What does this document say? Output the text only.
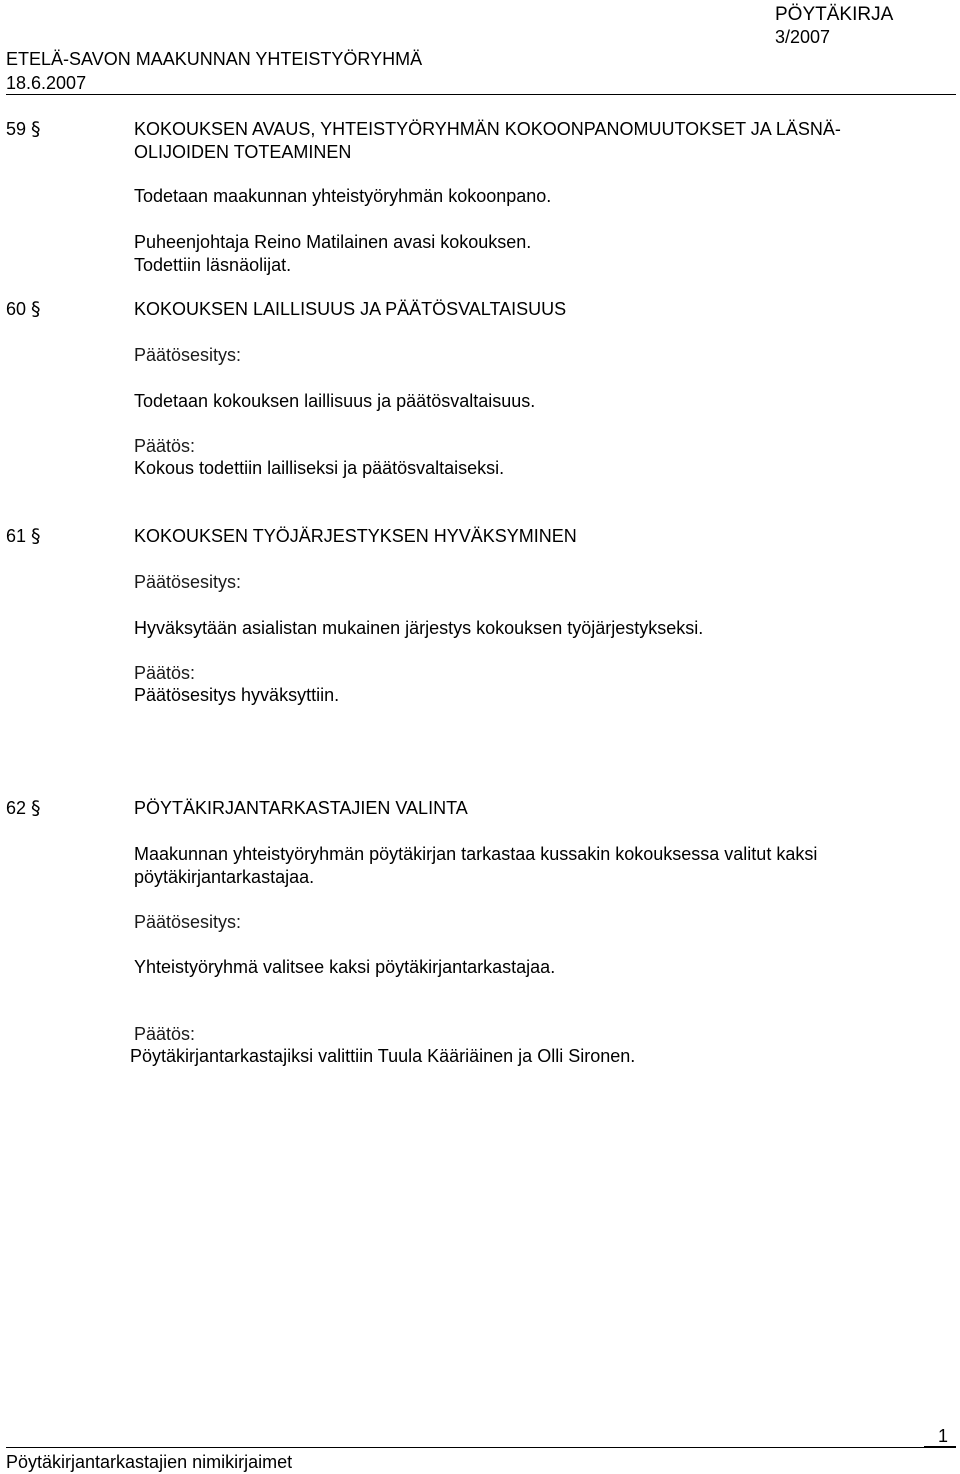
PÖYTÄKIRJA
3/2007
ETELÄ-SAVON MAAKUNNAN YHTEISTYÖRYHMÄ
18.6.2007
59 §	KOKOUKSEN AVAUS, YHTEISTYÖRYHMÄN KOKOONPANOMUUTOKSET JA LÄSNÄ-
OLIJOIDEN TOTEAMINEN
Todetaan maakunnan yhteistyöryhmän kokoonpano.
Puheenjohtaja Reino Matilainen avasi kokouksen.
Todettiin läsnäolijat.
60 §	KOKOUKSEN LAILLISUUS JA PÄÄTÖSVALTAISUUS
Päätösesitys:
Todetaan kokouksen laillisuus ja päätösvaltaisuus.
Päätös:
Kokous todettiin lailliseksi ja päätösvaltaiseksi.
61 §	KOKOUKSEN TYÖJÄRJESTYKSEN HYVÄKSYMINEN
Päätösesitys:
Hyväksytään asialistan mukainen järjestys kokouksen työjärjestykseksi.
Päätös:
Päätösesitys hyväksyttiin.
62 §	PÖYTÄKIRJANTARKASTAJIEN VALINTA
Maakunnan yhteistyöryhmän pöytäkirjan tarkastaa kussakin kokouksessa valitut kaksi
pöytäkirjantarkastajaa.
Päätösesitys:
Yhteistyöryhmä valitsee kaksi pöytäkirjantarkastajaa.
Päätös:
Pöytäkirjantarkastajiksi valittiin Tuula Kääriäinen ja Olli Sironen.
1
Pöytäkirjantarkastajien nimikirjaimet
